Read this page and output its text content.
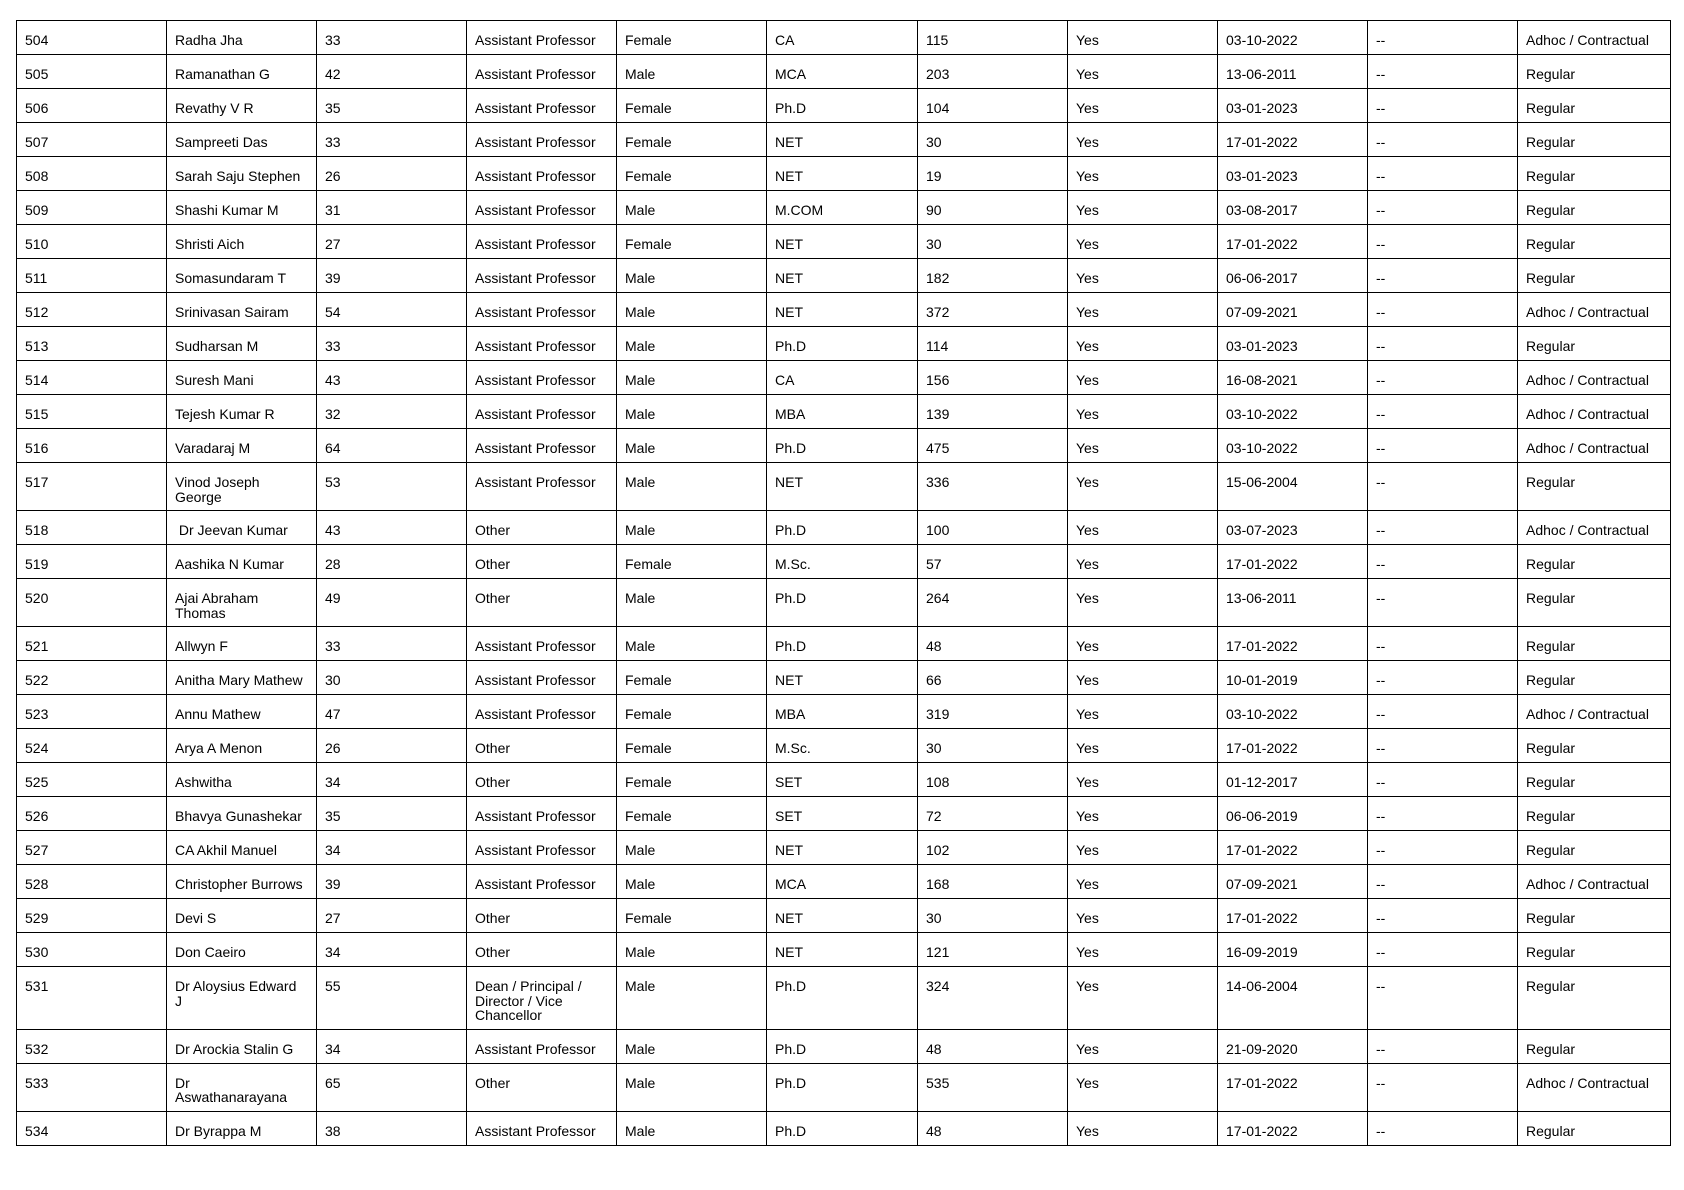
504	Radha Jha	33	Assistant Professor	Female	CA	115	Yes	03-10-2022	--	Adhoc / Contractual
505	Ramanathan G	42	Assistant Professor	Male	MCA	203	Yes	13-06-2011	--	Regular
506	Revathy V R	35	Assistant Professor	Female	Ph.D	104	Yes	03-01-2023	--	Regular
507	Sampreeti Das	33	Assistant Professor	Female	NET	30	Yes	17-01-2022	--	Regular
508	Sarah Saju Stephen	26	Assistant Professor	Female	NET	19	Yes	03-01-2023	--	Regular
509	Shashi Kumar M	31	Assistant Professor	Male	M.COM	90	Yes	03-08-2017	--	Regular
510	Shristi Aich	27	Assistant Professor	Female	NET	30	Yes	17-01-2022	--	Regular
511	Somasundaram T	39	Assistant Professor	Male	NET	182	Yes	06-06-2017	--	Regular
512	Srinivasan Sairam	54	Assistant Professor	Male	NET	372	Yes	07-09-2021	--	Adhoc / Contractual
513	Sudharsan M	33	Assistant Professor	Male	Ph.D	114	Yes	03-01-2023	--	Regular
514	Suresh Mani	43	Assistant Professor	Male	CA	156	Yes	16-08-2021	--	Adhoc / Contractual
515	Tejesh Kumar R	32	Assistant Professor	Male	MBA	139	Yes	03-10-2022	--	Adhoc / Contractual
516	Varadaraj M	64	Assistant Professor	Male	Ph.D	475	Yes	03-10-2022	--	Adhoc / Contractual
517	Vinod Joseph
George	53	Assistant Professor	Male	NET	336	Yes	15-06-2004	--	Regular
518	Dr Jeevan Kumar	43	Other	Male	Ph.D	100	Yes	03-07-2023	--	Adhoc / Contractual
519	Aashika N Kumar	28	Other	Female	M.Sc.	57	Yes	17-01-2022	--	Regular
520	Ajai Abraham
Thomas	49	Other	Male	Ph.D	264	Yes	13-06-2011	--	Regular
521	Allwyn F	33	Assistant Professor	Male	Ph.D	48	Yes	17-01-2022	--	Regular
522	Anitha Mary Mathew	30	Assistant Professor	Female	NET	66	Yes	10-01-2019	--	Regular
523	Annu Mathew	47	Assistant Professor	Female	MBA	319	Yes	03-10-2022	--	Adhoc / Contractual
524	Arya A Menon	26	Other	Female	M.Sc.	30	Yes	17-01-2022	--	Regular
525	Ashwitha	34	Other	Female	SET	108	Yes	01-12-2017	--	Regular
526	Bhavya Gunashekar	35	Assistant Professor	Female	SET	72	Yes	06-06-2019	--	Regular
527	CA Akhil Manuel	34	Assistant Professor	Male	NET	102	Yes	17-01-2022	--	Regular
528	Christopher Burrows	39	Assistant Professor	Male	MCA	168	Yes	07-09-2021	--	Adhoc / Contractual
529	Devi S	27	Other	Female	NET	30	Yes	17-01-2022	--	Regular
530	Don Caeiro	34	Other	Male	NET	121	Yes	16-09-2019	--	Regular
531	Dr Aloysius Edward
J	55	Dean / Principal /
Director / Vice
Chancellor	Male	Ph.D	324	Yes	14-06-2004	--	Regular
532	Dr Arockia Stalin G	34	Assistant Professor	Male	Ph.D	48	Yes	21-09-2020	--	Regular
533	Dr
Aswathanarayana	65	Other	Male	Ph.D	535	Yes	17-01-2022	--	Adhoc / Contractual
534	Dr Byrappa M	38	Assistant Professor	Male	Ph.D	48	Yes	17-01-2022	--	Regular
